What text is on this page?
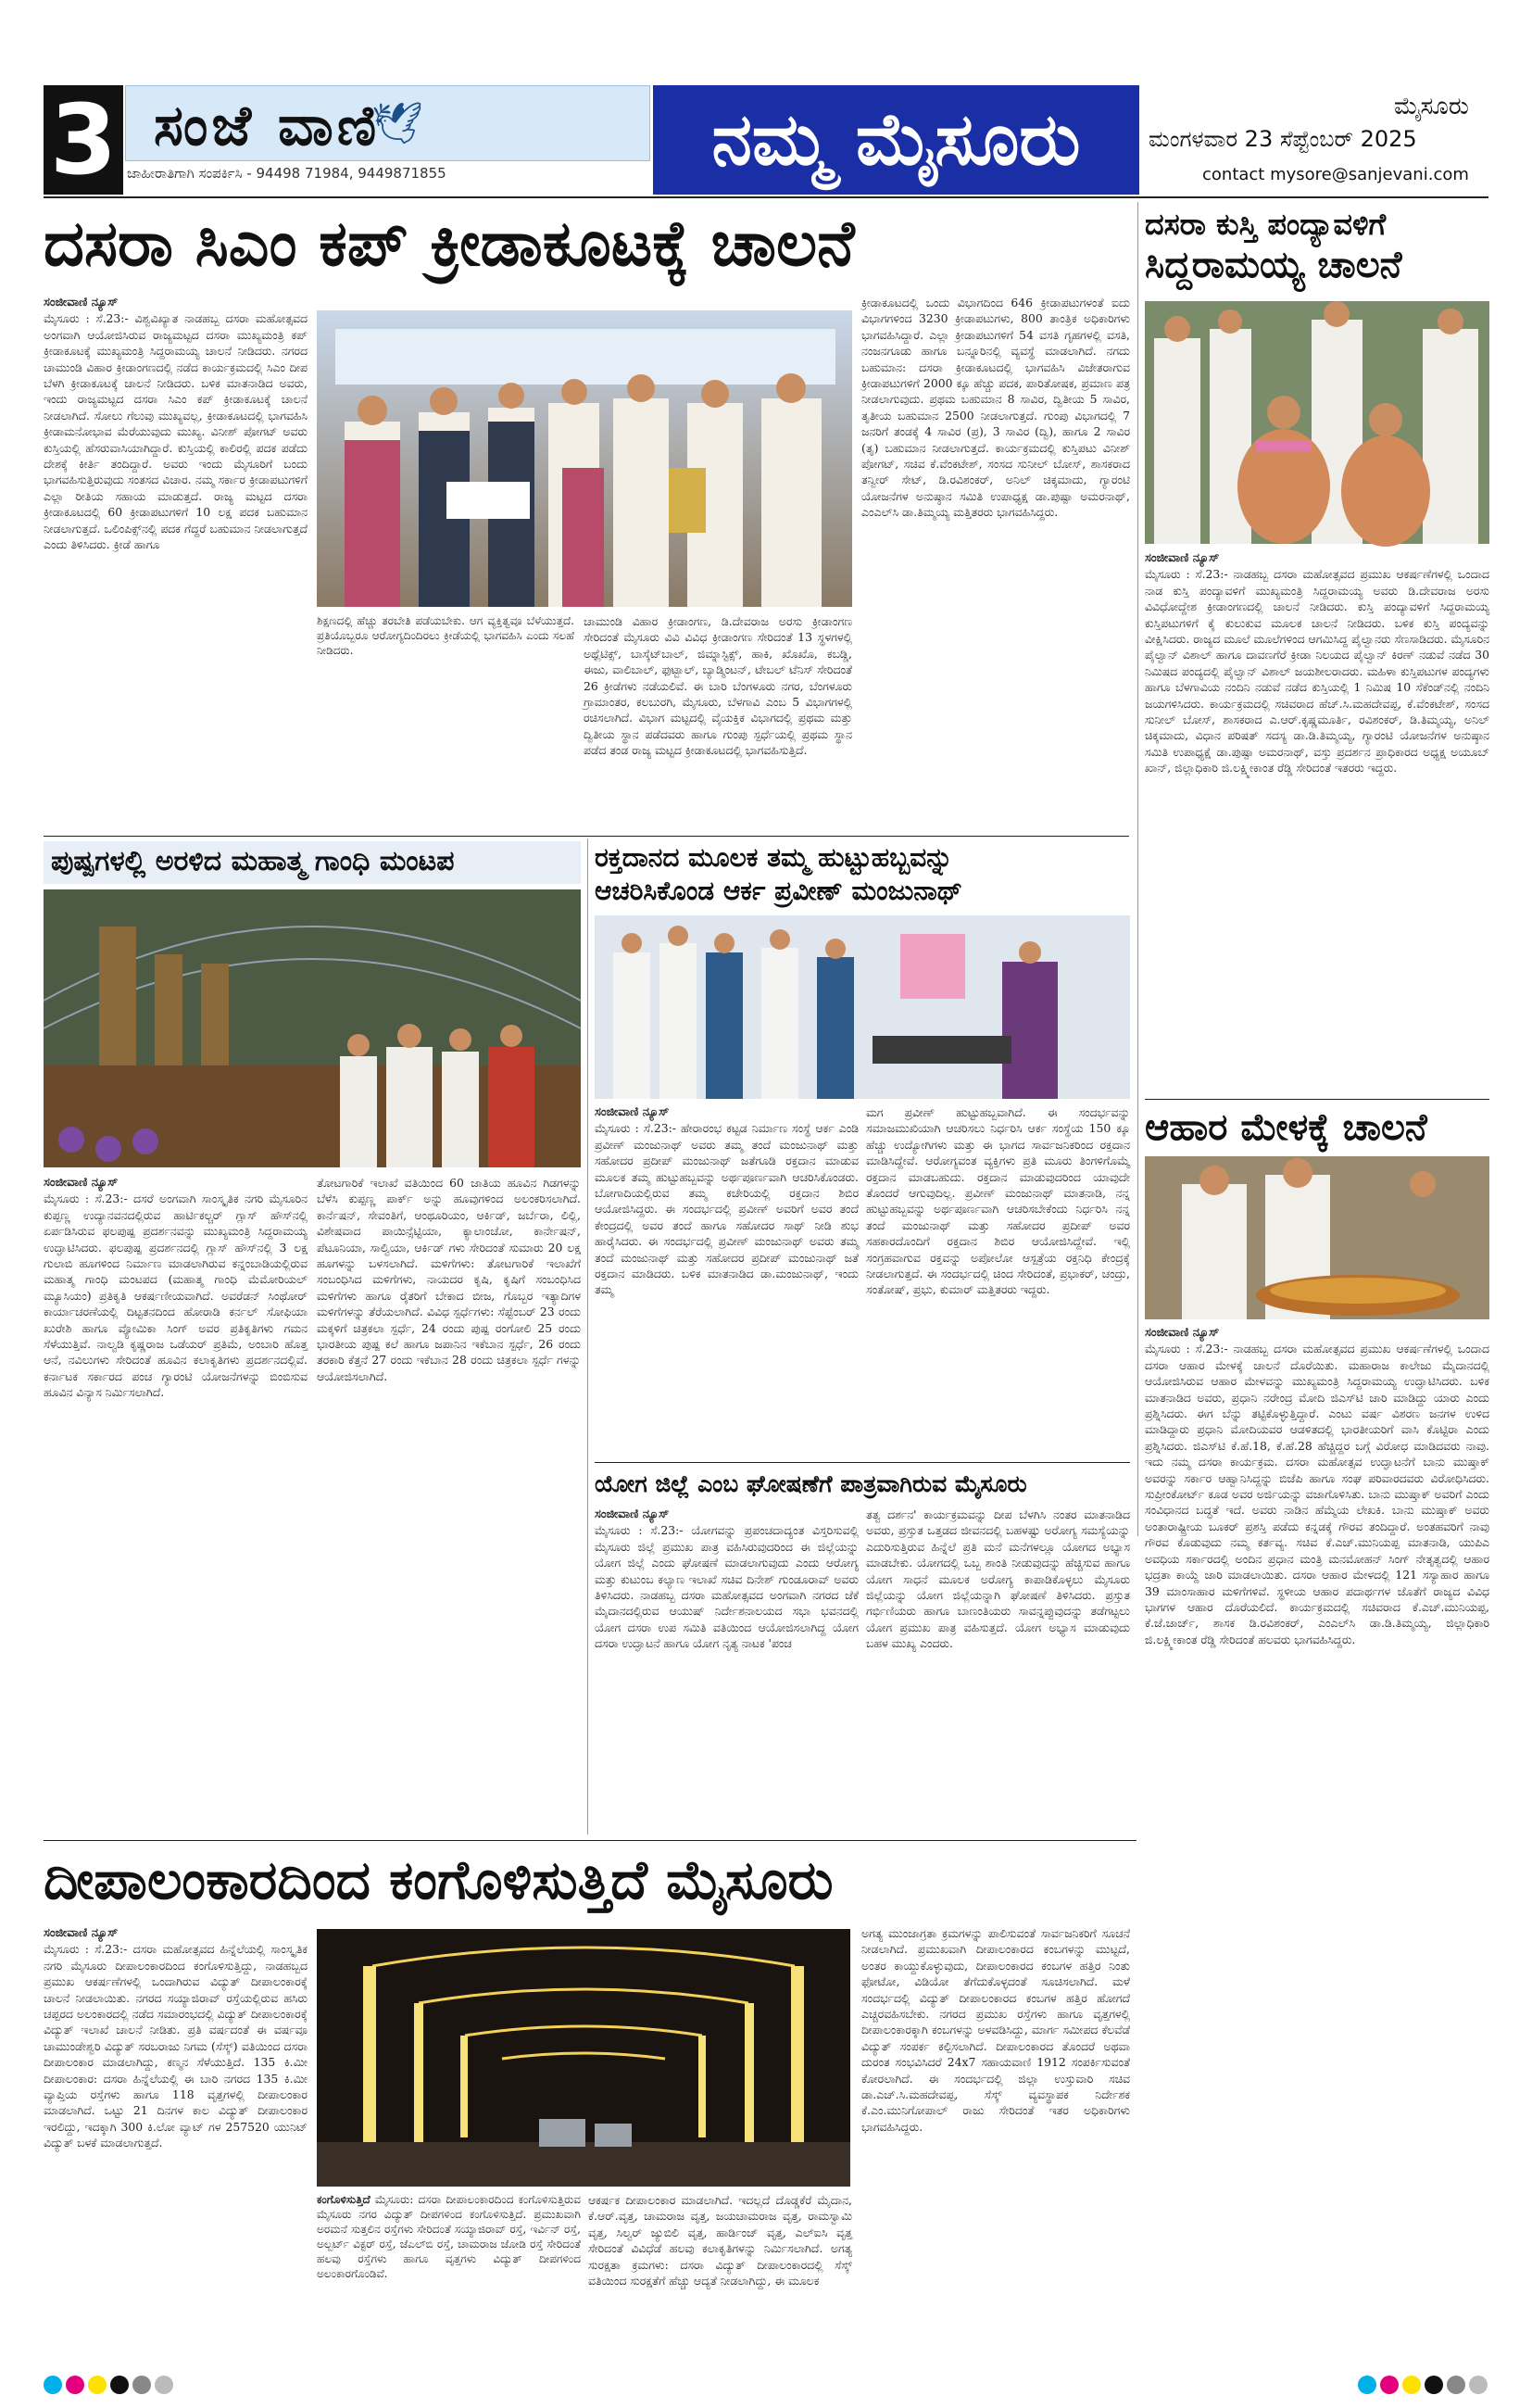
3 ಸಂಜೆ ವಾಣಿ
🕊
ಜಾಹೀರಾತಿಗಾಗಿ ಸಂಪರ್ಕಿಸಿ - 94498 71984, 9449871855	ನಮ್ಮ ಮೈಸೂರು	ಮೈಸೂರು
ಮಂಗಳವಾರ 23 ಸೆಪ್ಟೆಂಬರ್ 2025
contact mysore@sanjevani.com
ದಸರಾ ಸಿಎಂ ಕಪ್ ಕ್ರೀಡಾಕೂಟಕ್ಕೆ ಚಾಲನೆ
ಸಂಜೀವಾಣಿ ನ್ಯೂಸ್

ಮೈಸೂರು : ಸೆ.23:- ವಿಶ್ವವಿಖ್ಯಾತ ನಾಡಹಬ್ಬ ದಸರಾ ಮಹೋತ್ಸವದ ಅಂಗವಾಗಿ ಆಯೋಜಿಸಿರುವ ರಾಜ್ಯಮಟ್ಟದ ದಸರಾ ಮುಖ್ಯಮಂತ್ರಿ ಕಪ್ ಕ್ರೀಡಾಕೂಟಕ್ಕೆ ಮುಖ್ಯಮಂತ್ರಿ ಸಿದ್ದರಾಮಯ್ಯ ಚಾಲನೆ ನೀಡಿದರು. ನಗರದ ಚಾಮುಂಡಿ ವಿಹಾರ ಕ್ರೀಡಾಂಗಣದಲ್ಲಿ ನಡೆದ ಕಾರ್ಯಕ್ರಮದಲ್ಲಿ ಸಿಎಂ ದೀಪ ಬೆಳಗಿ ಕ್ರೀಡಾಕೂಟಕ್ಕೆ ಚಾಲನೆ ನೀಡಿದರು. ಬಳಿಕ ಮಾತನಾಡಿದ ಅವರು, ಇಂದು ರಾಜ್ಯಮಟ್ಟದ ದಸರಾ ಸಿಎಂ ಕಪ್ ಕ್ರೀಡಾಕೂಟಕ್ಕೆ ಚಾಲನೆ ನೀಡಲಾಗಿದೆ. ಸೋಲು ಗೆಲುವು ಮುಖ್ಯವಲ್ಲ, ಕ್ರೀಡಾಕೂಟದಲ್ಲಿ ಭಾಗವಹಿಸಿ ಕ್ರೀಡಾಮನೋಭಾವ ಮೆರೆಯುವುದು ಮುಖ್ಯ. ವಿನೀಶ್ ಪೋಗಟ್ ಅವರು ಕುಸ್ತಿಯಲ್ಲಿ ಹೆಸರುವಾಸಿಯಾಗಿದ್ದಾರೆ. ಕುಸ್ತಿಯಲ್ಲಿ ಕಾಲಿರಲ್ಲಿ ಪದಕ ಪಡೆದು ದೇಶಕ್ಕೆ ಕೀರ್ತಿ ತಂದಿದ್ದಾರೆ. ಅವರು ಇಂದು ಮೈಸೂರಿಗೆ ಬಂದು ಭಾಗವಹಿಸುತ್ತಿರುವುದು ಸಂತಸದ ವಿಚಾರ. ನಮ್ಮ ಸರ್ಕಾರ ಕ್ರೀಡಾಪಟುಗಳಿಗೆ ಎಲ್ಲಾ ರೀತಿಯ ಸಹಾಯ ಮಾಡುತ್ತದೆ. ರಾಜ್ಯ ಮಟ್ಟದ ದಸರಾ ಕ್ರೀಡಾಕೂಟದಲ್ಲಿ 60 ಕ್ರೀಡಾಪಟುಗಳಿಗೆ 10 ಲಕ್ಷ ಪದಕ ಬಹುಮಾನ ನೀಡಲಾಗುತ್ತದೆ. ಒಲಿಂಪಿಕ್ಸ್‌ನಲ್ಲಿ ಪದಕ ಗೆದ್ದರೆ ಬಹುಮಾನ ನೀಡಲಾಗುತ್ತದೆ ಎಂದು ತಿಳಿಸಿದರು. ಕ್ರೀಡೆ ಹಾಗೂ

ಶಿಕ್ಷಣದಲ್ಲಿ ಹೆಚ್ಚು ತರಬೇತಿ ಪಡೆಯಬೇಕು. ಆಗ ವ್ಯಕ್ತಿತ್ವವೂ ಬೆಳೆಯುತ್ತದೆ. ಪ್ರತಿಯೊಬ್ಬರೂ ಆರೋಗ್ಯದಿಂದಿರಲು ಕ್ರೀಡೆಯಲ್ಲಿ ಭಾಗವಹಿಸಿ ಎಂದು ಸಲಹೆ ನೀಡಿದರು.

ಚಾಮುಂಡಿ ವಿಹಾರ ಕ್ರೀಡಾಂಗಣ, ಡಿ.ದೇವರಾಜ ಅರಸು ಕ್ರೀಡಾಂಗಣ ಸೇರಿದಂತೆ ಮೈಸೂರು ವಿವಿ ವಿವಿಧ ಕ್ರೀಡಾಂಗಣ ಸೇರಿದಂತೆ 13 ಸ್ಥಳಗಳಲ್ಲಿ ಅಥ್ಲೆಟಿಕ್ಸ್, ಬಾಸ್ಕೆಟ್‌ಬಾಲ್, ಜಿಮ್ನಾಸ್ಟಿಕ್ಸ್, ಹಾಕಿ, ಖೊಖೊ, ಕಬಡ್ಡಿ, ಈಜು, ವಾಲಿಬಾಲ್, ಫುಟ್ಬಾಲ್, ಬ್ಯಾಡ್ಮಿಂಟನ್, ಟೇಬಲ್ ಟೆನಿಸ್ ಸೇರಿದಂತೆ 26 ಕ್ರೀಡೆಗಳು ನಡೆಯಲಿವೆ. ಈ ಬಾರಿ ಬೆಂಗಳೂರು ನಗರ, ಬೆಂಗಳೂರು ಗ್ರಾಮಾಂತರ, ಕಲಬುರಗಿ, ಮೈಸೂರು, ಬೆಳಗಾವಿ ಎಂಬ 5 ವಿಭಾಗಗಳಲ್ಲಿ ರಚಿಸಲಾಗಿದೆ. ವಿಭಾಗ ಮಟ್ಟದಲ್ಲಿ ವೈಯಕ್ತಿಕ ವಿಭಾಗದಲ್ಲಿ ಪ್ರಥಮ ಮತ್ತು ದ್ವಿತೀಯ ಸ್ಥಾನ ಪಡೆದವರು ಹಾಗೂ ಗುಂಪು ಸ್ಪರ್ಧೆಯಲ್ಲಿ ಪ್ರಥಮ ಸ್ಥಾನ ಪಡೆದ ತಂಡ ರಾಜ್ಯ ಮಟ್ಟದ ಕ್ರೀಡಾಕೂಟದಲ್ಲಿ ಭಾಗವಹಿಸುತ್ತಿದೆ.

ಕ್ರೀಡಾಕೂಟದಲ್ಲಿ ಒಂದು ವಿಭಾಗದಿಂದ 646 ಕ್ರೀಡಾಪಟುಗಳಂತೆ ಐದು ವಿಭಾಗಗಳಿಂದ 3230 ಕ್ರೀಡಾಪಟುಗಳು, 800 ತಾಂತ್ರಿಕ ಅಧಿಕಾರಿಗಳು ಭಾಗವಹಿಸಿದ್ದಾರೆ. ಎಲ್ಲಾ ಕ್ರೀಡಾಪಟುಗಳಿಗೆ 54 ವಸತಿ ಗೃಹಗಳಲ್ಲಿ ವಸತಿ, ನಂಜನಗೂಡು ಹಾಗೂ ಬನ್ನೂರಿನಲ್ಲಿ ವ್ಯವಸ್ಥೆ ಮಾಡಲಾಗಿದೆ. ನಗದು ಬಹುಮಾನ: ದಸರಾ ಕ್ರೀಡಾಕೂಟದಲ್ಲಿ ಭಾಗವಹಿಸಿ ವಿಜೇತರಾಗುವ ಕ್ರೀಡಾಪಟುಗಳಿಗೆ 2000 ಕ್ಕೂ ಹೆಚ್ಚು ಪದಕ, ಪಾರಿತೋಷಕ, ಪ್ರಮಾಣ ಪತ್ರ ನೀಡಲಾಗುವುದು. ಪ್ರಥಮ ಬಹುಮಾನ 8 ಸಾವಿರ, ದ್ವಿತೀಯ 5 ಸಾವಿರ, ತೃತೀಯ ಬಹುಮಾನ 2500 ನೀಡಲಾಗುತ್ತದೆ. ಗುಂಪು ವಿಭಾಗದಲ್ಲಿ 7 ಜನರಿಗೆ ತಂಡಕ್ಕೆ 4 ಸಾವಿರ (ಪ್ರ), 3 ಸಾವಿರ (ದ್ವಿ), ಹಾಗೂ 2 ಸಾವಿರ (ತೃ) ಬಹುಮಾನ ನೀಡಲಾಗುತ್ತದೆ. ಕಾರ್ಯಕ್ರಮದಲ್ಲಿ ಕುಸ್ತಿಪಟು ವಿನೀಶ್ ಪೋಗಟ್, ಸಚಿವ ಕೆ.ವೆಂಕಟೇಶ್, ಸಂಸದ ಸುನೀಲ್ ಬೋಸ್, ಶಾಸಕರಾದ ತನ್ವೀರ್ ಸೇಟ್, ಡಿ.ರವಿಶಂಕರ್, ಅನಿಲ್ ಚಿಕ್ಕಮಾದು, ಗ್ಯಾರಂಟಿ ಯೋಜನೆಗಳ ಅನುಷ್ಠಾನ ಸಮಿತಿ ಉಪಾಧ್ಯಕ್ಷ ಡಾ.ಪುಷ್ಪಾ ಅಮರನಾಥ್, ಎಂಎಲ್‌ಸಿ ಡಾ.ತಿಮ್ಮಯ್ಯ ಮತ್ತಿತರರು ಭಾಗವಹಿಸಿದ್ದರು.

ದಸರಾ ಕುಸ್ತಿ ಪಂದ್ಯಾವಳಿಗೆ
ಸಿದ್ದರಾಮಯ್ಯ ಚಾಲನೆ
ಸಂಜೀವಾಣಿ ನ್ಯೂಸ್

ಮೈಸೂರು : ಸೆ.23:- ನಾಡಹಬ್ಬ ದಸರಾ ಮಹೋತ್ಸವದ ಪ್ರಮುಖ ಆಕರ್ಷಣೆಗಳಲ್ಲಿ ಒಂದಾದ ನಾಡ ಕುಸ್ತಿ ಪಂದ್ಯಾವಳಿಗೆ ಮುಖ್ಯಮಂತ್ರಿ ಸಿದ್ದರಾಮಯ್ಯ ಅವರು ಡಿ.ದೇವರಾಜ ಅರಸು ವಿವಿಧೋದ್ದೇಶ ಕ್ರೀಡಾಂಗಣದಲ್ಲಿ ಚಾಲನೆ ನೀಡಿದರು. ಕುಸ್ತಿ ಪಂದ್ಯಾವಳಿಗೆ ಸಿದ್ದರಾಮಯ್ಯ ಕುಸ್ತಿಪಟುಗಳಿಗೆ ಕೈ ಕುಲುಕುವ ಮೂಲಕ ಚಾಲನೆ ನೀಡಿದರು. ಬಳಿಕ ಕುಸ್ತಿ ಪಂದ್ಯವನ್ನು ವೀಕ್ಷಿಸಿದರು. ರಾಜ್ಯದ ಮೂಲೆ ಮೂಲೆಗಳಿಂದ ಆಗಮಿಸಿದ್ದ ಪೈಲ್ವಾನರು ಸೆಣಸಾಡಿದರು. ಮೈಸೂರಿನ ಪೈಲ್ವಾನ್ ವಿಶಾಲ್ ಹಾಗೂ ದಾವಣಗೆರೆ ಕ್ರೀಡಾ ನಿಲಯದ ಪೈಲ್ವಾನ್ ಕಿರಣ್ ನಡುವೆ ನಡೆದ 30 ನಿಮಿಷದ ಪಂದ್ಯದಲ್ಲಿ ಪೈಲ್ವಾನ್ ವಿಶಾಲ್ ಜಯಶೀಲರಾದರು. ಮಹಿಳಾ ಕುಸ್ತಿಪಟುಗಳ ಪಂದ್ಯಗಳು ಹಾಗೂ ಬೆಳಗಾವಿಯ ನಂದಿನಿ ನಡುವೆ ನಡೆದ ಕುಸ್ತಿಯಲ್ಲಿ 1 ನಿಮಿಷ 10 ಸೆಕೆಂಡ್‌ನಲ್ಲಿ ನಂದಿನಿ ಜಯಗಳಿಸಿದರು. ಕಾರ್ಯಕ್ರಮದಲ್ಲಿ ಸಚಿವರಾದ ಹೆಚ್.ಸಿ.ಮಹದೇವಪ್ಪ, ಕೆ.ವೆಂಕಟೇಶ್, ಸಂಸದ ಸುನೀಲ್ ಬೋಸ್, ಶಾಸಕರಾದ ಎ.ಆರ್.ಕೃಷ್ಣಮೂರ್ತಿ, ರವಿಶಂಕರ್, ಡಿ.ತಿಮ್ಮಯ್ಯ, ಅನಿಲ್ ಚಿಕ್ಕಮಾದು, ವಿಧಾನ ಪರಿಷತ್ ಸದಸ್ಯ ಡಾ.ಡಿ.ತಿಮ್ಮಯ್ಯ, ಗ್ಯಾರಂಟಿ ಯೋಜನೆಗಳ ಅನುಷ್ಠಾನ ಸಮಿತಿ ಉಪಾಧ್ಯಕ್ಷೆ ಡಾ.ಪುಷ್ಪಾ ಅಮರನಾಥ್, ವಸ್ತು ಪ್ರದರ್ಶನ ಪ್ರಾಧಿಕಾರದ ಅಧ್ಯಕ್ಷ ಅಯೂಬ್ ಖಾನ್, ಜಿಲ್ಲಾಧಿಕಾರಿ ಜಿ.ಲಕ್ಷ್ಮೀಕಾಂತ ರೆಡ್ಡಿ ಸೇರಿದಂತೆ ಇತರರು ಇದ್ದರು.

ಆಹಾರ ಮೇಳಕ್ಕೆ ಚಾಲನೆ
ಸಂಜೀವಾಣಿ ನ್ಯೂಸ್

ಮೈಸೂರು : ಸೆ.23:- ನಾಡಹಬ್ಬ ದಸರಾ ಮಹೋತ್ಸವದ ಪ್ರಮುಖ ಆಕರ್ಷಣೆಗಳಲ್ಲಿ ಒಂದಾದ ದಸರಾ ಆಹಾರ ಮೇಳಕ್ಕೆ ಚಾಲನೆ ದೊರೆಯಿತು. ಮಹಾರಾಜ ಕಾಲೇಜು ಮೈದಾನದಲ್ಲಿ ಆಯೋಜಿಸಿರುವ ಆಹಾರ ಮೇಳವನ್ನು ಮುಖ್ಯಮಂತ್ರಿ ಸಿದ್ದರಾಮಯ್ಯ ಉದ್ಘಾಟಿಸಿದರು. ಬಳಿಕ ಮಾತನಾಡಿದ ಅವರು, ಪ್ರಧಾನಿ ನರೇಂದ್ರ ಮೋದಿ ಜಿಎಸ್‌ಟಿ ಜಾರಿ ಮಾಡಿದ್ದು ಯಾರು ಎಂದು ಪ್ರಶ್ನಿಸಿದರು. ಈಗ ಬೆನ್ನು ತಟ್ಟಿಕೊಳ್ಳುತ್ತಿದ್ದಾರೆ. ಎಂಟು ವರ್ಷ ವಿಶರಣ ಜನಗಳ ಉಳಿದ ಮಾಡಿದ್ದಾರು ಪ್ರಧಾನಿ ಮೋದಿಯವರ ಆಡಳಿತದಲ್ಲಿ ಭಾರತೀಯರಿಗೆ ವಾಸಿ ಕೊಟ್ಟಿರಾ ಎಂದು ಪ್ರಶ್ನಿಸಿದರು. ಜಿಎಸ್‌ಟಿ ಕೆ.ಹೆ.18, ಕೆ.ಹೆ.28 ಹೆಚ್ಚಿದ್ದರ ಬಗ್ಗೆ ವಿರೋಧ ಮಾಡಿದವರು ನಾವು. ಇದು ನಮ್ಮ ದಸರಾ ಕಾರ್ಯಕ್ರಮ. ದಸರಾ ಮಹೋತ್ಸವ ಉದ್ಘಾಟನೆಗೆ ಬಾನು ಮುಷ್ತಾಕ್ ಅವರನ್ನು ಸರ್ಕಾರ ಆಹ್ವಾನಿಸಿದ್ದನ್ನು ಬಿಜೆಪಿ ಹಾಗೂ ಸಂಘ ಪರಿವಾರದವರು ವಿರೋಧಿಸಿದರು. ಸುಪ್ರೀಂಕೋರ್ಟ್ ಕೂಡ ಅವರ ಅರ್ಜಿಯನ್ನು ವಜಾಗೊಳಿಸಿತು. ಬಾನು ಮುಷ್ತಾಕ್ ಅವರಿಗೆ ಎಂದು ಸಂವಿಧಾನದ ಬದ್ಧತೆ ಇದೆ. ಅವರು ನಾಡಿನ ಹೆಮ್ಮೆಯ ಲೇಖಕಿ. ಬಾನು ಮುಷ್ತಾಕ್ ಅವರು ಅಂತಾರಾಷ್ಟ್ರೀಯ ಬೂಕರ್ ಪ್ರಶಸ್ತಿ ಪಡೆದು ಕನ್ನಡಕ್ಕೆ ಗೌರವ ತಂದಿದ್ದಾರೆ. ಅಂತಹವರಿಗೆ ನಾವು ಗೌರವ ಕೊಡುವುದು ನಮ್ಮ ಕರ್ತವ್ಯ. ಸಚಿವ ಕೆ.ಎಚ್.ಮುನಿಯಪ್ಪ ಮಾತನಾಡಿ, ಯುಪಿಎ ಅವಧಿಯ ಸರ್ಕಾರದಲ್ಲಿ ಅಂದಿನ ಪ್ರಧಾನ ಮಂತ್ರಿ ಮನಮೋಹನ್ ಸಿಂಗ್ ನೇತೃತ್ವದಲ್ಲಿ ಆಹಾರ ಭದ್ರತಾ ಕಾಯ್ದೆ ಜಾರಿ ಮಾಡಲಾಯಿತು. ದಸರಾ ಆಹಾರ ಮೇಳದಲ್ಲಿ 121 ಸಸ್ಯಾಹಾರ ಹಾಗೂ 39 ಮಾಂಸಾಹಾರ ಮಳಿಗೆಗಳಿವೆ. ಸ್ಥಳೀಯ ಆಹಾರ ಪದಾರ್ಥಗಳ ಜೊತೆಗೆ ರಾಜ್ಯದ ವಿವಿಧ ಭಾಗಗಳ ಆಹಾರ ದೊರೆಯಲಿದೆ. ಕಾರ್ಯಕ್ರಮದಲ್ಲಿ ಸಚಿವರಾದ ಕೆ.ಎಚ್.ಮುನಿಯಪ್ಪ, ಕೆ.ಜೆ.ಜಾರ್ಜ್, ಶಾಸಕ ಡಿ.ರವಿಶಂಕರ್, ಎಂಎಲ್‌ಸಿ ಡಾ.ಡಿ.ತಿಮ್ಮಯ್ಯ, ಜಿಲ್ಲಾಧಿಕಾರಿ ಜಿ.ಲಕ್ಷ್ಮೀಕಾಂತ ರೆಡ್ಡಿ ಸೇರಿದಂತೆ ಹಲವರು ಭಾಗವಹಿಸಿದ್ದರು.

ಪುಷ್ಪಗಳಲ್ಲಿ ಅರಳಿದ ಮಹಾತ್ಮ ಗಾಂಧಿ ಮಂಟಪ
ಸಂಜೀವಾಣಿ ನ್ಯೂಸ್

ಮೈಸೂರು : ಸೆ.23:- ದಸರೆ ಅಂಗವಾಗಿ ಸಾಂಸ್ಕೃತಿಕ ನಗರಿ ಮೈಸೂರಿನ ಕುಪ್ಪಣ್ಣ ಉದ್ಯಾನವನದಲ್ಲಿರುವ ಹಾರ್ಟಿಕಲ್ಚರ್ ಗ್ಲಾಸ್ ಹೌಸ್‌ನಲ್ಲಿ ಏರ್ಪಡಿಸಿರುವ ಫಲಪುಷ್ಪ ಪ್ರದರ್ಶನವನ್ನು ಮುಖ್ಯಮಂತ್ರಿ ಸಿದ್ದರಾಮಯ್ಯ ಉದ್ಘಾಟಿಸಿದರು. ಫಲಪುಷ್ಪ ಪ್ರದರ್ಶನದಲ್ಲಿ ಗ್ಲಾಸ್ ಹೌಸ್‌ನಲ್ಲಿ 3 ಲಕ್ಷ ಗುಲಾಬಿ ಹೂಗಳಿಂದ ನಿರ್ಮಾಣ ಮಾಡಲಾಗಿರುವ ಕನ್ನಂಬಾಡಿಯಲ್ಲಿರುವ ಮಹಾತ್ಮ ಗಾಂಧಿ ಮಂಟಪದ (ಮಹಾತ್ಮ ಗಾಂಧಿ ಮೆಮೋರಿಯಲ್ ಮ್ಯೂಸಿಯಂ) ಪ್ರತಿಕೃತಿ ಆಕರ್ಷಣೀಯವಾಗಿದೆ. ಅವರೆಡನ್ ಸಿಂಥೋರ್ ಕಾರ್ಯಾಚರಣೆಯಲ್ಲಿ ದಿಟ್ಟತನದಿಂದ ಹೋರಾಡಿ ಕರ್ನಲ್ ಸೋಫಿಯಾ ಖುರೇಶಿ ಹಾಗೂ ವ್ಯೋಮಿಕಾ ಸಿಂಗ್ ಅವರ ಪ್ರತಿಕೃತಿಗಳು ಗಮನ ಸೆಳೆಯುತ್ತಿವೆ. ನಾಲ್ವಡಿ ಕೃಷ್ಣರಾಜ ಒಡೆಯರ್ ಪ್ರತಿಮೆ, ಅಂಬಾರಿ ಹೊತ್ತ ಆನೆ, ನವಿಲುಗಳು ಸೇರಿದಂತೆ ಹೂವಿನ ಕಲಾಕೃತಿಗಳು ಪ್ರದರ್ಶನದಲ್ಲಿವೆ. ಕರ್ನಾಟಕ ಸರ್ಕಾರದ ಪಂಚ ಗ್ಯಾರಂಟಿ ಯೋಜನೆಗಳನ್ನು ಬಿಂಬಿಸುವ ಹೂವಿನ ವಿನ್ಯಾಸ ನಿರ್ಮಿಸಲಾಗಿದೆ.

ತೋಟಗಾರಿಕೆ ಇಲಾಖೆ ವತಿಯಿಂದ 60 ಜಾತಿಯ ಹೂವಿನ ಗಿಡಗಳನ್ನು ಬೆಳೆಸಿ ಕುಪ್ಪಣ್ಣ ಪಾರ್ಕ್ ಅನ್ನು ಹೂವುಗಳಿಂದ ಅಲಂಕರಿಸಲಾಗಿದೆ. ಕಾರ್ನೆಷನ್, ಸೇವಂತಿಗೆ, ಆಂಥೂರಿಯಂ, ಆರ್ಕಿಡ್, ಜರ್ಬೆರಾ, ಲಿಲ್ಲಿ, ವಿಶೇಷವಾದ ಪಾಯಿನ್ಸೆಟ್ಟಿಯಾ, ಕ್ಯಾಲಾಂಚೋ, ಕಾರ್ನೇಷನ್, ಪೆಟೂನಿಯಾ, ಸಾಲ್ವಿಯಾ, ಆರ್ಕಿಡ್ ಗಳು ಸೇರಿದಂತೆ ಸುಮಾರು 20 ಲಕ್ಷ ಹೂಗಳನ್ನು ಬಳಸಲಾಗಿದೆ. ಮಳಿಗೆಗಳು: ತೋಟಗಾರಿಕೆ ಇಲಾಖೆಗೆ ಸಂಬಂಧಿಸಿದ ಮಳಿಗೆಗಳು, ನಾಯದರ ಕೃಷಿ, ಕೃಷಿಗೆ ಸಂಬಂಧಿಸಿದ ಮಳಿಗೆಗಳು ಹಾಗೂ ರೈತರಿಗೆ ಬೇಕಾದ ಬೀಜ, ಗೊಬ್ಬರ ಇತ್ಯಾದಿಗಳ ಮಳಿಗೆಗಳನ್ನು ತೆರೆಯಲಾಗಿದೆ. ವಿವಿಧ ಸ್ಪರ್ಧೆಗಳು: ಸೆಪ್ಟೆಂಬರ್ 23 ರಂದು ಮಕ್ಕಳಿಗೆ ಚಿತ್ರಕಲಾ ಸ್ಪರ್ಧೆ, 24 ರಂದು ಪುಷ್ಪ ರಂಗೋಲಿ 25 ರಂದು ಭಾರತೀಯ ಪುಷ್ಪ ಕಲೆ ಹಾಗೂ ಜಪಾನಿನ ಇಕೆಬಾನ ಸ್ಪರ್ಧೆ, 26 ರಂದು ತರಕಾರಿ ಕೆತ್ತನೆ 27 ರಂದು ಇಕೆಬಾನ 28 ರಂದು ಚಿತ್ರಕಲಾ ಸ್ಪರ್ಧೆ ಗಳನ್ನು ಆಯೋಜಿಸಲಾಗಿದೆ.

ರಕ್ತದಾನದ ಮೂಲಕ ತಮ್ಮ ಹುಟ್ಟುಹಬ್ಬವನ್ನು
ಆಚರಿಸಿಕೊಂಡ ಆರ್ಕ ಪ್ರವೀಣ್ ಮಂಜುನಾಥ್
ಸಂಜೀವಾಣಿ ನ್ಯೂಸ್

ಮೈಸೂರು : ಸೆ.23:- ಹೇರಾರಂಭ ಕಟ್ಟಡ ನಿರ್ಮಾಣ ಸಂಸ್ಥೆ ಆರ್ಕ ಎಂಡಿ ಪ್ರವೀಣ್ ಮಂಜುನಾಥ್ ಅವರು ತಮ್ಮ ತಂದೆ ಮಂಜುನಾಥ್ ಮತ್ತು ಸಹೋದರ ಪ್ರದೀಪ್ ಮಂಜುನಾಥ್ ಜತೆಗೂಡಿ ರಕ್ತದಾನ ಮಾಡುವ ಮೂಲಕ ತಮ್ಮ ಹುಟ್ಟುಹಬ್ಬವನ್ನು ಅರ್ಥಪೂರ್ಣವಾಗಿ ಆಚರಿಸಿಕೊಂಡರು. ಬೋಗಾದಿಯಲ್ಲಿರುವ ತಮ್ಮ ಕಚೇರಿಯಲ್ಲಿ ರಕ್ತದಾನ ಶಿಬಿರ ಆಯೋಜಿಸಿದ್ದರು. ಈ ಸಂದರ್ಭದಲ್ಲಿ ಪ್ರವೀಣ್ ಅವರಿಗೆ ಅವರ ತಂದೆ ಕೇಂದ್ರದಲ್ಲಿ ಅವರ ತಂದೆ ಹಾಗೂ ಸಹೋದರ ಸಾಥ್ ನೀಡಿ ಶುಭ ಹಾರೈಸಿದರು. ಈ ಸಂದರ್ಭದಲ್ಲಿ ಪ್ರವೀಣ್ ಮಂಜುನಾಥ್ ಅವರು ತಮ್ಮ ತಂದೆ ಮಂಜುನಾಥ್ ಮತ್ತು ಸಹೋದರ ಪ್ರದೀಪ್ ಮಂಜುನಾಥ್ ಜತೆ ರಕ್ತದಾನ ಮಾಡಿದರು. ಬಳಿಕ ಮಾತನಾಡಿದ ಡಾ.ಮಂಜುನಾಥ್, ಇಂದು ತಮ್ಮ

ಮಗ ಪ್ರವೀಣ್ ಹುಟ್ಟುಹಬ್ಬವಾಗಿದೆ. ಈ ಸಂದರ್ಭವನ್ನು ಸಮಾಜಮುಖಿಯಾಗಿ ಆಚರಿಸಲು ನಿರ್ಧರಿಸಿ ಆರ್ಕ ಸಂಸ್ಥೆಯ 150 ಕ್ಕೂ ಹೆಚ್ಚು ಉದ್ಯೋಗಿಗಳು ಮತ್ತು ಈ ಭಾಗದ ಸಾರ್ವಜನಿಕರಿಂದ ರಕ್ತದಾನ ಮಾಡಿಸಿದ್ದೇವೆ. ಆರೋಗ್ಯವಂತ ವ್ಯಕ್ತಿಗಳು ಪ್ರತಿ ಮೂರು ತಿಂಗಳಿಗೊಮ್ಮೆ ರಕ್ತದಾನ ಮಾಡಬಹುದು. ರಕ್ತದಾನ ಮಾಡುವುದರಿಂದ ಯಾವುದೇ ತೊಂದರೆ ಆಗುವುದಿಲ್ಲ. ಪ್ರವೀಣ್ ಮಂಜುನಾಥ್ ಮಾತನಾಡಿ, ನನ್ನ ಹುಟ್ಟುಹಬ್ಬವನ್ನು ಅರ್ಥಪೂರ್ಣವಾಗಿ ಆಚರಿಸಬೇಕೆಂದು ನಿರ್ಧರಿಸಿ ನನ್ನ ತಂದೆ ಮಂಜುನಾಥ್ ಮತ್ತು ಸಹೋದರ ಪ್ರದೀಪ್ ಅವರ ಸಹಕಾರದೊಂದಿಗೆ ರಕ್ತದಾನ ಶಿಬಿರ ಆಯೋಜಿಸಿದ್ದೇವೆ. ಇಲ್ಲಿ ಸಂಗ್ರಹವಾಗುವ ರಕ್ತವನ್ನು ಅಪೋಲೋ ಆಸ್ಪತ್ರೆಯ ರಕ್ತನಿಧಿ ಕೇಂದ್ರಕ್ಕೆ ನೀಡಲಾಗುತ್ತದೆ. ಈ ಸಂದರ್ಭದಲ್ಲಿ ಚಿಂದ ಸೇರಿದಂತೆ, ಪ್ರಭಾಕರ್, ಚಂದ್ರು, ಸಂತೋಷ್, ಪ್ರಭು, ಕುಮಾರ್ ಮತ್ತಿತರರು ಇದ್ದರು.

ಯೋಗ ಜಿಲ್ಲೆ ಎಂಬ ಘೋಷಣೆಗೆ ಪಾತ್ರವಾಗಿರುವ ಮೈಸೂರು
ಸಂಜೀವಾಣಿ ನ್ಯೂಸ್

ಮೈಸೂರು : ಸೆ.23:- ಯೋಗವನ್ನು ಪ್ರಪಂಚದಾದ್ಯಂತ ವಿಸ್ತರಿಸುವಲ್ಲಿ ಮೈಸೂರು ಜಿಲ್ಲೆ ಪ್ರಮುಖ ಪಾತ್ರ ವಹಿಸಿರುವುದರಿಂದ ಈ ಜಿಲ್ಲೆಯನ್ನು ಯೋಗ ಜಿಲ್ಲೆ ಎಂದು ಘೋಷಣೆ ಮಾಡಲಾಗುವುದು ಎಂದು ಆರೋಗ್ಯ ಮತ್ತು ಕುಟುಂಬ ಕಲ್ಯಾಣ ಇಲಾಖೆ ಸಚಿವ ದಿನೇಶ್ ಗುಂಡೂರಾವ್ ಅವರು ತಿಳಿಸಿದರು. ನಾಡಹಬ್ಬ ದಸರಾ ಮಹೋತ್ಸವದ ಅಂಗವಾಗಿ ನಗರದ ಜೆಕೆ ಮೈದಾನದಲ್ಲಿರುವ ಆಯುಷ್ ನಿರ್ದೇಶನಾಲಯದ ಸಭಾ ಭವನದಲ್ಲಿ ಯೋಗ ದಸರಾ ಉಪ ಸಮಿತಿ ವತಿಯಿಂದ ಆಯೋಜಿಸಲಾಗಿದ್ದ ಯೋಗ ದಸರಾ ಉದ್ಘಾಟನೆ ಹಾಗೂ ಯೋಗ ನೃತ್ಯ ನಾಟಕ 'ಪಂಚ

ತತ್ವ ದರ್ಶನ' ಕಾರ್ಯಕ್ರಮವನ್ನು ದೀಪ ಬೆಳಗಿಸಿ ನಂತರ ಮಾತನಾಡಿದ ಅವರು, ಪ್ರಸ್ತುತ ಒತ್ತಡದ ಜೀವನದಲ್ಲಿ ಬಹಳಷ್ಟು ಅರೋಗ್ಯ ಸಮಸ್ಯೆಯನ್ನು ಎದುರಿಸುತ್ತಿರುವ ಹಿನ್ನೆಲೆ ಪ್ರತಿ ಮನೆ ಮನೆಗಳಲ್ಲೂ ಯೋಗದ ಅಭ್ಯಾಸ ಮಾಡಬೇಕು. ಯೋಗದಲ್ಲಿ ಒಬ್ಬ ಶಾಂತಿ ನೀಡುವುದನ್ನು ಹೆಚ್ಚಿಸುವ ಹಾಗೂ ಯೋಗ ಸಾಧನೆ ಮೂಲಕ ಅರೋಗ್ಯ ಕಾಪಾಡಿಕೊಳ್ಳಲು ಮೈಸೂರು ಜಿಲ್ಲೆಯನ್ನು ಯೋಗ ಜಿಲ್ಲೆಯನ್ನಾಗಿ ಘೋಷಣೆ ತಿಳಿಸಿದರು. ಪ್ರಸ್ತುತ ಗರ್ಭಿಣಿಯರು ಹಾಗೂ ಬಾಣಂತಿಯರು ಸಾವನ್ನಪ್ಪುವುದನ್ನು ತಡೆಗಟ್ಟಲು ಯೋಗ ಪ್ರಮುಖ ಪಾತ್ರ ವಹಿಸುತ್ತದೆ. ಯೋಗ ಅಭ್ಯಾಸ ಮಾಡುವುದು ಬಹಳ ಮುಖ್ಯ ಎಂದರು.

ದೀಪಾಲಂಕಾರದಿಂದ ಕಂಗೊಳಿಸುತ್ತಿದೆ ಮೈಸೂರು
ಸಂಜೀವಾಣಿ ನ್ಯೂಸ್

ಮೈಸೂರು : ಸೆ.23:- ದಸರಾ ಮಹೋತ್ಸವದ ಹಿನ್ನೆಲೆಯಲ್ಲಿ ಸಾಂಸ್ಕೃತಿಕ ನಗರಿ ಮೈಸೂರು ದೀಪಾಲಂಕಾರದಿಂದ ಕಂಗೊಳಿಸುತ್ತಿದ್ದು, ನಾಡಹಬ್ಬದ ಪ್ರಮುಖ ಆಕರ್ಷಣೆಗಳಲ್ಲಿ ಒಂದಾಗಿರುವ ವಿದ್ಯುತ್ ದೀಪಾಲಂಕಾರಕ್ಕೆ ಚಾಲನೆ ನೀಡಲಾಯಿತು. ನಗರದ ಸಯ್ಯಾಜಿರಾವ್ ರಸ್ತೆಯಲ್ಲಿರುವ ಹಸಿರು ಚಪ್ಪರದ ಅಲಂಕಾರದಲ್ಲಿ ನಡೆದ ಸಮಾರಂಭದಲ್ಲಿ ವಿದ್ಯುತ್ ದೀಪಾಲಂಕಾರಕ್ಕೆ ವಿದ್ಯುತ್ ಇಲಾಖೆ ಚಾಲನೆ ನೀಡಿತು. ಪ್ರತಿ ವರ್ಷದಂತೆ ಈ ವರ್ಷವೂ ಚಾಮುಂಡೇಶ್ವರಿ ವಿದ್ಯುತ್ ಸರಬರಾಜು ನಿಗಮ (ಸೆಸ್ಕ್) ವತಿಯಿಂದ ದಸರಾ ದೀಪಾಲಂಕಾರ ಮಾಡಲಾಗಿದ್ದು, ಕಣ್ಮನ ಸೆಳೆಯುತ್ತಿದೆ. 135 ಕಿ.ಮೀ ದೀಪಾಲಂಕಾರ: ದಸರಾ ಹಿನ್ನೆಲೆಯಲ್ಲಿ ಈ ಬಾರಿ ನಗರದ 135 ಕಿ.ಮೀ ವ್ಯಾಪ್ತಿಯ ರಸ್ತೆಗಳು ಹಾಗೂ 118 ವೃತ್ತಗಳಲ್ಲಿ ದೀಪಾಲಂಕಾರ ಮಾಡಲಾಗಿದೆ. ಒಟ್ಟು 21 ದಿನಗಳ ಕಾಲ ವಿದ್ಯುತ್ ದೀಪಾಲಂಕಾರ ಇರಲಿದ್ದು, ಇದಕ್ಕಾಗಿ 300 ಕಿ.ಲೋ ವ್ಯಾಟ್ ಗಳ 257520 ಯುನಿಟ್ ವಿದ್ಯುತ್ ಬಳಕೆ ಮಾಡಲಾಗುತ್ತದೆ.

ಕಂಗೊಳಿಸುತ್ತಿದೆ ಮೈಸೂರು: ದಸರಾ ದೀಪಾಲಂಕಾರದಿಂದ ಕಂಗೊಳಿಸುತ್ತಿರುವ ಮೈಸೂರು ನಗರ ವಿದ್ಯುತ್ ದೀಪಗಳಿಂದ ಕಂಗೊಳಿಸುತ್ತಿದೆ. ಪ್ರಮುಖವಾಗಿ ಅರಮನೆ ಸುತ್ತಲಿನ ರಸ್ತೆಗಳು ಸೇರಿದಂತೆ ಸಯ್ಯಾಜಿರಾವ್ ರಸ್ತೆ, ಇರ್ವಿನ್ ರಸ್ತೆ, ಅಲ್ಬರ್ಟ್ ವಿಕ್ಟರ್ ರಸ್ತೆ, ಜೆಎಲ್‌ಬಿ ರಸ್ತೆ, ಚಾಮರಾಜ ಜೋಡಿ ರಸ್ತೆ ಸೇರಿದಂತೆ ಹಲವು ರಸ್ತೆಗಳು ಹಾಗೂ ವೃತ್ತಗಳು ವಿದ್ಯುತ್ ದೀಪಗಳಿಂದ ಅಲಂಕಾರಗೊಂಡಿವೆ.

ಆಕರ್ಷಕ ದೀಪಾಲಂಕಾರ ಮಾಡಲಾಗಿದೆ. ಇದಲ್ಲದೆ ದೊಡ್ಡಕೆರೆ ಮೈದಾನ, ಕೆ.ಆರ್.ವೃತ್ತ, ಚಾಮರಾಜ ವೃತ್ತ, ಜಯಚಾಮರಾಜ ವೃತ್ತ, ರಾಮಸ್ವಾಮಿ ವೃತ್ತ, ಸಿಲ್ವರ್ ಜ್ಯುಬಿಲಿ ವೃತ್ತ, ಹಾರ್ಡಿಂಜ್ ವೃತ್ತ, ಎಲ್‌ಐಸಿ ವೃತ್ತ ಸೇರಿದಂತೆ ವಿವಿಧೆಡೆ ಹಲವು ಕಲಾಕೃತಿಗಳನ್ನು ನಿರ್ಮಿಸಲಾಗಿದೆ. ಅಗತ್ಯ ಸುರಕ್ಷತಾ ಕ್ರಮಗಳು: ದಸರಾ ವಿದ್ಯುತ್ ದೀಪಾಲಂಕಾರದಲ್ಲಿ ಸೆಸ್ಕ್ ವತಿಯಿಂದ ಸುರಕ್ಷತೆಗೆ ಹೆಚ್ಚು ಆದ್ಯತೆ ನೀಡಲಾಗಿದ್ದು, ಈ ಮೂಲಕ

ಅಗತ್ಯ ಮುಂಜಾಗ್ರತಾ ಕ್ರಮಗಳನ್ನು ಪಾಲಿಸುವಂತೆ ಸಾರ್ವಜನಿಕರಿಗೆ ಸೂಚನೆ ನೀಡಲಾಗಿದೆ. ಪ್ರಮುಖವಾಗಿ ದೀಪಾಲಂಕಾರದ ಕಂಬಗಳನ್ನು ಮುಟ್ಟದೆ, ಅಂತರ ಕಾಯ್ದುಕೊಳ್ಳುವುದು, ದೀಪಾಲಂಕಾರದ ಕಂಬಗಳ ಹತ್ತಿರ ನಿಂತು ಫೋಟೋ, ವಿಡಿಯೋ ತೆಗೆದುಕೊಳ್ಳದಂತೆ ಸೂಚಿಸಲಾಗಿದೆ. ಮಳೆ ಸಂದರ್ಭದಲ್ಲಿ ವಿದ್ಯುತ್ ದೀಪಾಲಂಕಾರದ ಕಂಬಗಳ ಹತ್ತಿರ ಹೋಗದೆ ಎಚ್ಚರವಹಿಸಬೇಕು. ನಗರದ ಪ್ರಮುಖ ರಸ್ತೆಗಳು ಹಾಗೂ ವೃತ್ತಗಳಲ್ಲಿ ದೀಪಾಲಂಕಾರಕ್ಕಾಗಿ ಕಂಬಗಳನ್ನು ಅಳವಡಿಸಿದ್ದು, ಮಾರ್ಗ ಸಮೀಪದ ಕೆಲವೆಡೆ ವಿದ್ಯುತ್ ಸಂಪರ್ಕ ಕಲ್ಪಿಸಲಾಗಿದೆ. ದೀಪಾಲಂಕಾರದ ತೊಂದರೆ ಅಥವಾ ದುರಂತ ಸಂಭವಿಸಿದರೆ 24x7 ಸಹಾಯವಾಣಿ 1912 ಸಂಪರ್ಕಿಸುವಂತೆ ಕೋರಲಾಗಿದೆ. ಈ ಸಂದರ್ಭದಲ್ಲಿ ಜಿಲ್ಲಾ ಉಸ್ತುವಾರಿ ಸಚಿವ ಡಾ.ಎಚ್.ಸಿ.ಮಹದೇವಪ್ಪ, ಸೆಸ್ಕ್ ವ್ಯವಸ್ಥಾಪಕ ನಿರ್ದೇಶಕ ಕೆ.ಎಂ.ಮುನಿಗೋಪಾಲ್ ರಾಜು ಸೇರಿದಂತೆ ಇತರ ಅಧಿಕಾರಿಗಳು ಭಾಗವಹಿಸಿದ್ದರು.
